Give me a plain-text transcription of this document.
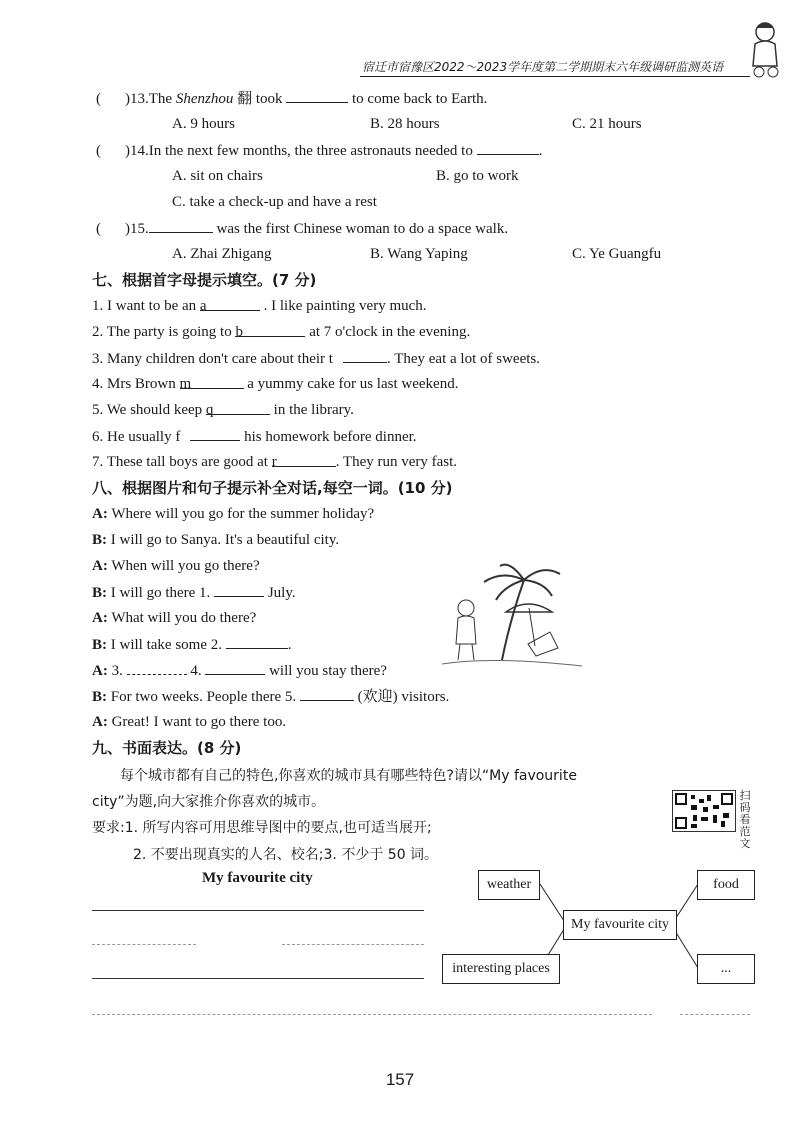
宿迁市宿豫区2022～2023学年度第二学期期末六年级调研监测英语
( )13.The Shenzhou 翻 took	to come back to Earth.
A. 9 hours	B. 28 hours	C. 21 hours
( )14.In the next few months, the three astronauts needed to	.
A. sit on chairs	B. go to work
C. take a check-up and have a rest
( )15.	was the first Chinese woman to do a space walk.
A. Zhai Zhigang	B. Wang Yaping	C. Ye Guangfu
七、根据首字母提示填空。(7 分)
1. I want to be an a	. I like painting very much.
2. The party is going to b	at 7 o'clock in the evening.
3. Many children don't care about their t	. They eat a lot of sweets.
4. Mrs Brown m	a yummy cake for us last weekend.
5. We should keep q	in the library.
6. He usually f	his homework before dinner.
7. These tall boys are good at r	. They run very fast.
八、根据图片和句子提示补全对话,每空一词。(10 分)
A: Where will you go for the summer holiday?
B: I will go to Sanya. It's a beautiful city.
A: When will you go there?
B: I will go there 1.	July.
A: What will you do there?
B: I will take some 2.	.
A: 3.	4.	will you stay there?
B: For two weeks. People there 5.	(欢迎) visitors.
A: Great! I want to go there too.
九、书面表达。(8 分)
每个城市都有自己的特色,你喜欢的城市具有哪些特色?请以“My favourite
city”为题,向大家推介你喜欢的城市。
要求:1. 所写内容可用思维导图中的要点,也可适当展开;
2. 不要出现真实的人名、校名;3. 不少于 50 词。
扫码看范文
My favourite city	weather	food
My favourite city
interesting places	...
157
